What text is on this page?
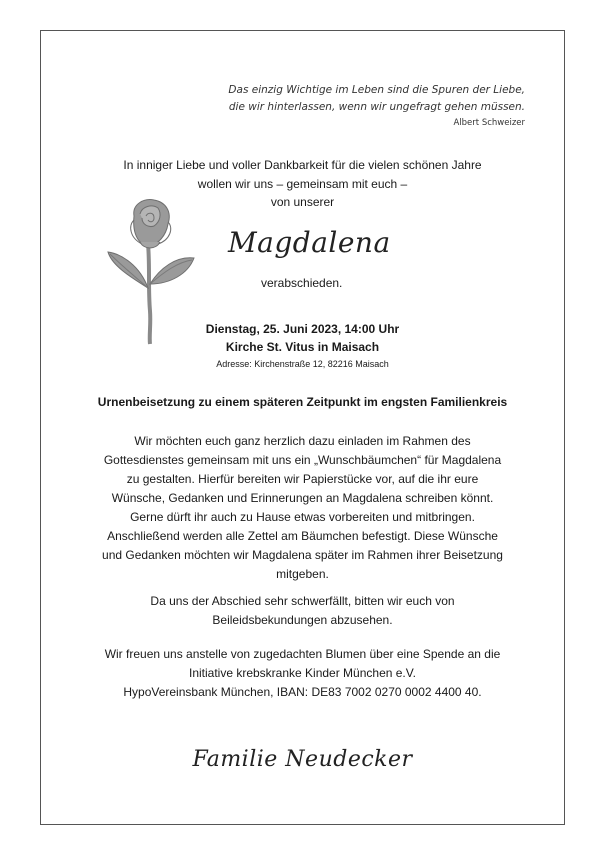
Das einzig Wichtige im Leben sind die Spuren der Liebe,
die wir hinterlassen, wenn wir ungefragt gehen müssen.
Albert Schweizer
In inniger Liebe und voller Dankbarkeit für die vielen schönen Jahre
wollen wir uns – gemeinsam mit euch –
von unserer
Magdalena
verabschieden.
Dienstag, 25. Juni 2023, 14:00 Uhr
Kirche St. Vitus in Maisach
Adresse: Kirchenstraße 12, 82216 Maisach
Urnenbeisetzung zu einem späteren Zeitpunkt im engsten Familienkreis
Wir möchten euch ganz herzlich dazu einladen im Rahmen des
Gottesdienstes gemeinsam mit uns ein „Wunschbäumchen“ für Magdalena
zu gestalten. Hierfür bereiten wir Papierstücke vor, auf die ihr eure
Wünsche, Gedanken und Erinnerungen an Magdalena schreiben könnt.
Gerne dürft ihr auch zu Hause etwas vorbereiten und mitbringen.
Anschließend werden alle Zettel am Bäumchen befestigt. Diese Wünsche
und Gedanken möchten wir Magdalena später im Rahmen ihrer Beisetzung
mitgeben.
Da uns der Abschied sehr schwerfällt, bitten wir euch von
Beileidsbekundungen abzusehen.
Wir freuen uns anstelle von zugedachten Blumen über eine Spende an die
Initiative krebskranke Kinder München e.V.
HypoVereinsbank München, IBAN: DE83 7002 0270 0002 4400 40.
Familie Neudecker
